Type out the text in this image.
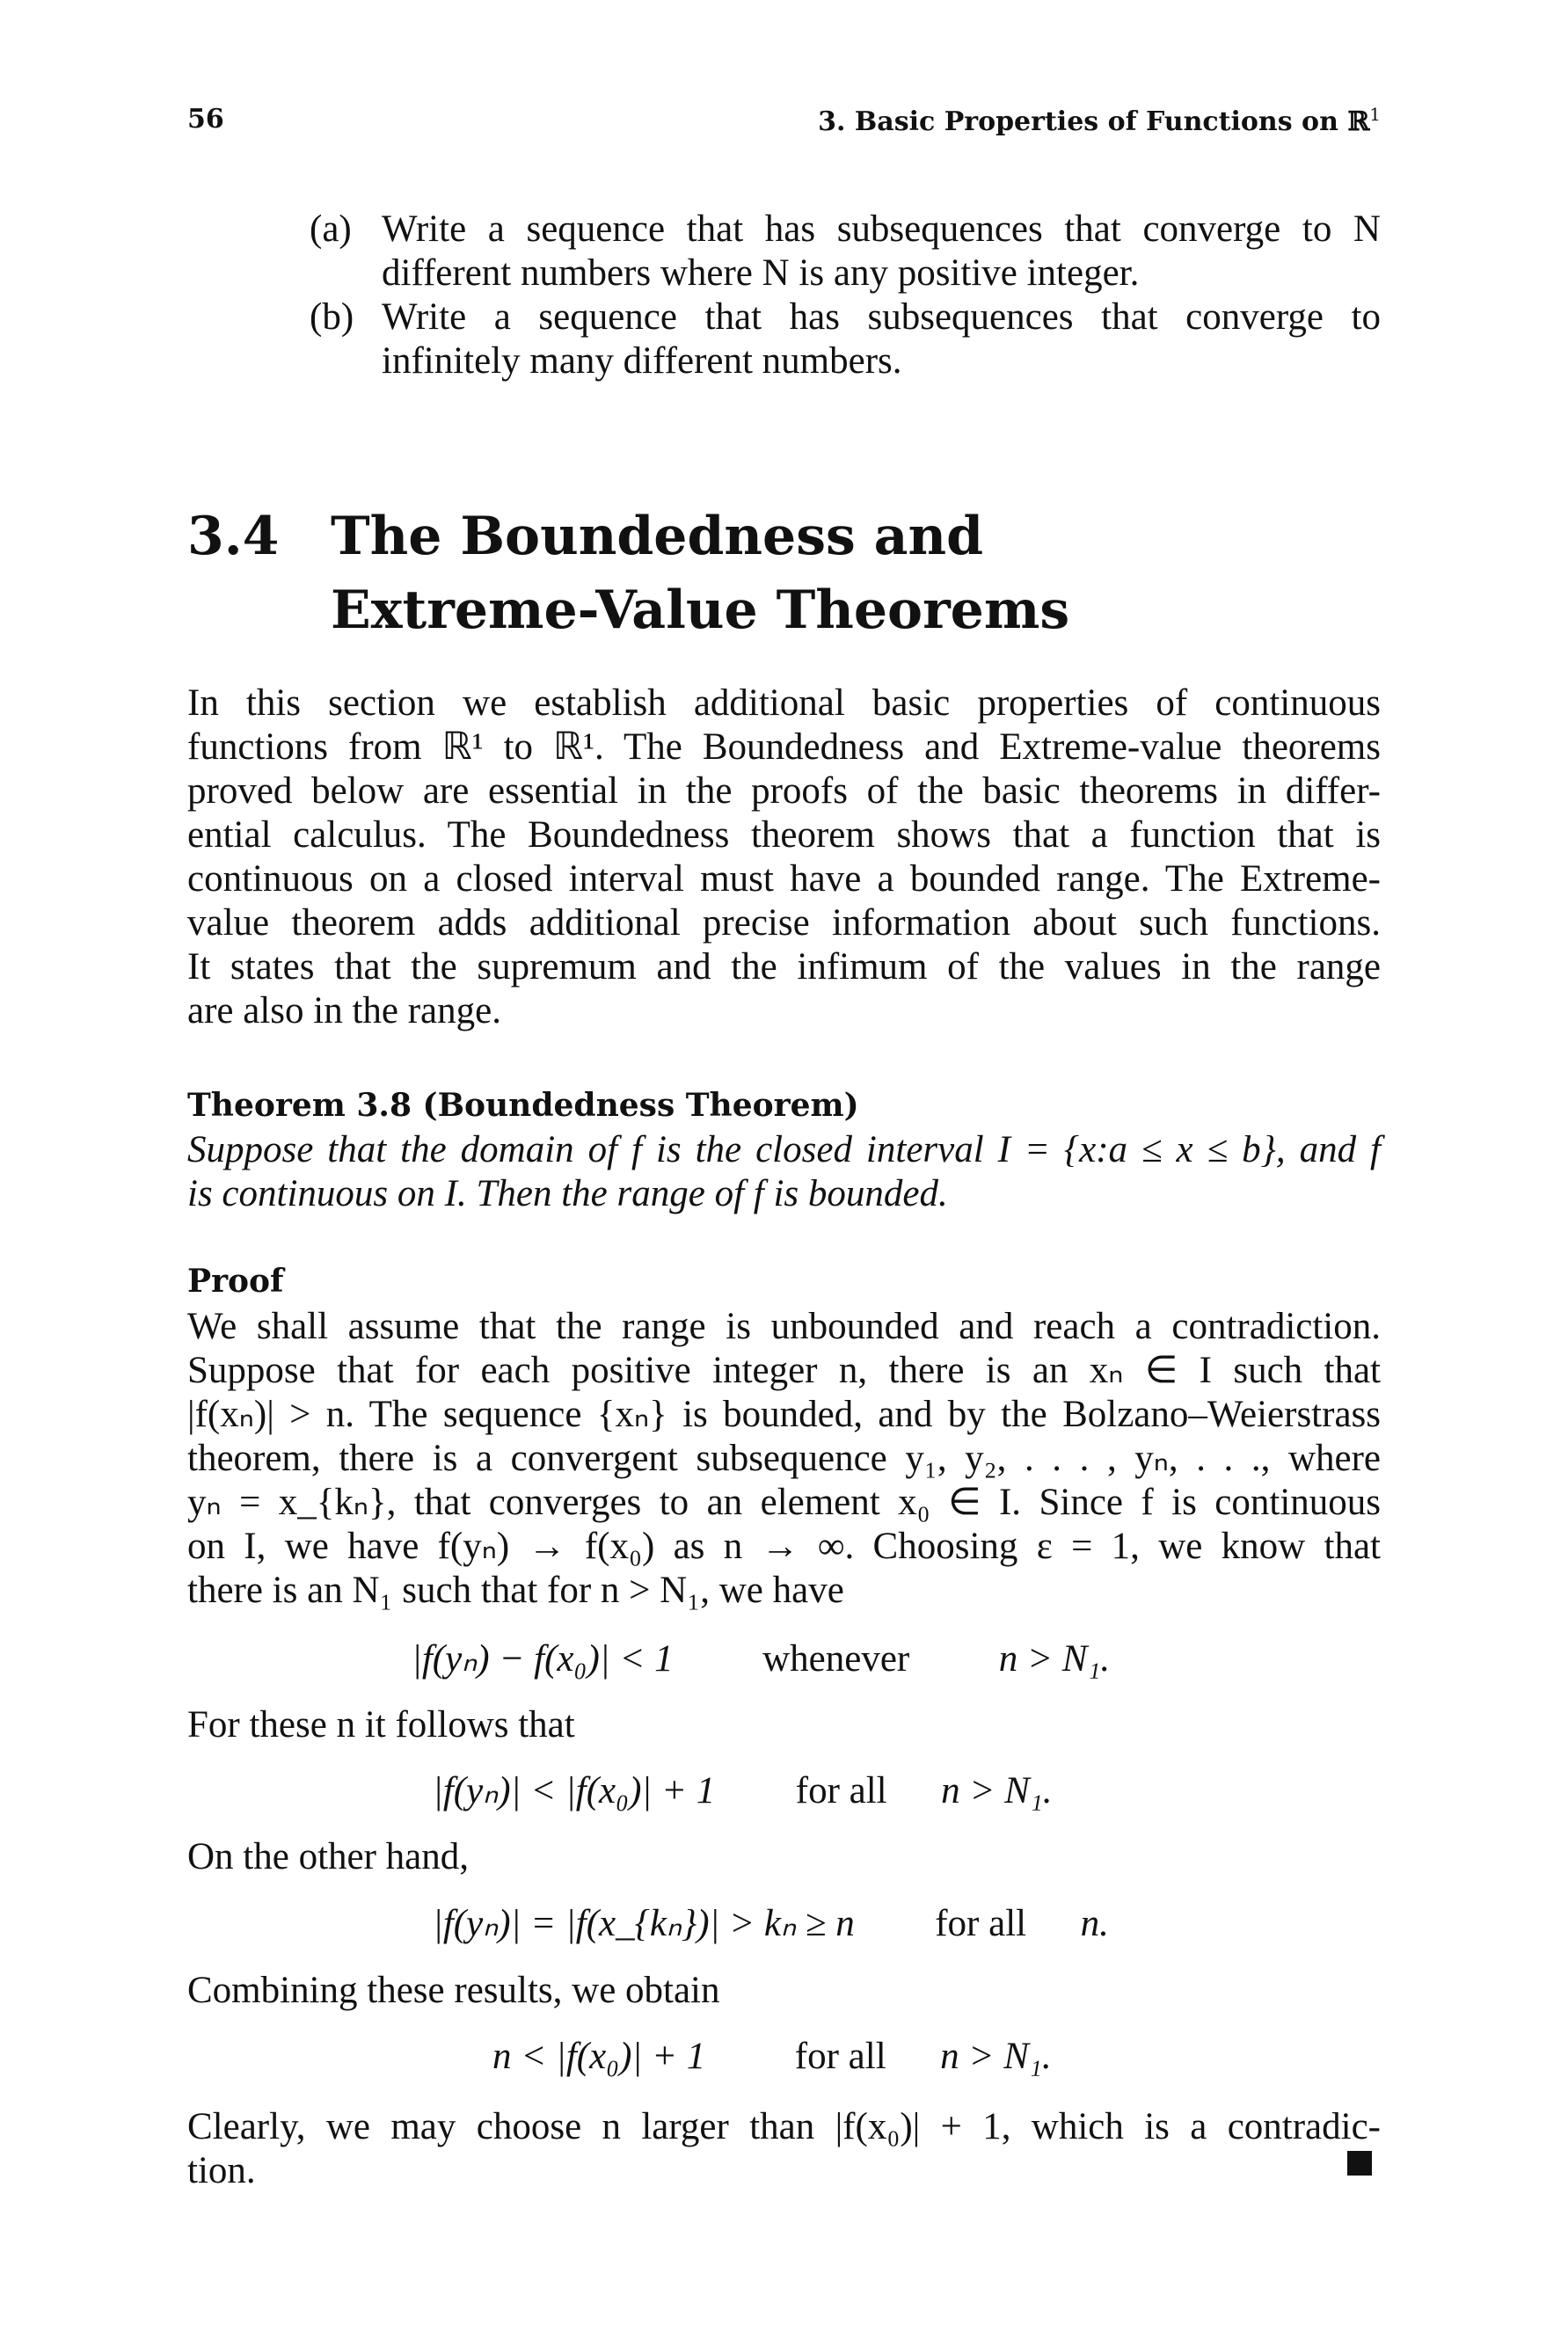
56	3. Basic Properties of Functions on ℝ$^1$
(a) Write a sequence that has subsequences that converge to N
different numbers where N is any positive integer.

(b) Write a sequence that has subsequences that converge to
infinitely many different numbers.

3.4 The Boundedness and
Extreme-Value Theorems
In this section we establish additional basic properties of continuous
functions from ℝ¹ to ℝ¹. The Boundedness and Extreme-value theorems
proved below are essential in the proofs of the basic theorems in differ-
ential calculus. The Boundedness theorem shows that a function that is
continuous on a closed interval must have a bounded range. The Extreme-
value theorem adds additional precise information about such functions.
It states that the supremum and the infimum of the values in the range
are also in the range.
Theorem 3.8 (Boundedness Theorem)
Suppose that the domain of f is the closed interval I = {x:a ≤ x ≤ b}, and f
is continuous on I. Then the range of f is bounded.
Proof
We shall assume that the range is unbounded and reach a contradiction.
Suppose that for each positive integer n, there is an xₙ ∈ I such that
|f(xₙ)| > n. The sequence {xₙ} is bounded, and by the Bolzano–Weierstrass
theorem, there is a convergent subsequence y₁, y₂, . . . , yₙ, . . ., where
yₙ = x_{kₙ}, that converges to an element x₀ ∈ I. Since f is continuous
on I, we have f(yₙ) → f(x₀) as n → ∞. Choosing ε = 1, we know that
there is an N₁ such that for n > N₁, we have
|f(yₙ) − f(x₀)| < 1 whenever n > N₁.
For these n it follows that
|f(yₙ)| < |f(x₀)| + 1 for all n > N₁.
On the other hand,
|f(yₙ)| = |f(x_{kₙ})| > kₙ ≥ n for all n.
Combining these results, we obtain
n < |f(x₀)| + 1 for all n > N₁.
Clearly, we may choose n larger than |f(x₀)| + 1, which is a contradic-
tion.
